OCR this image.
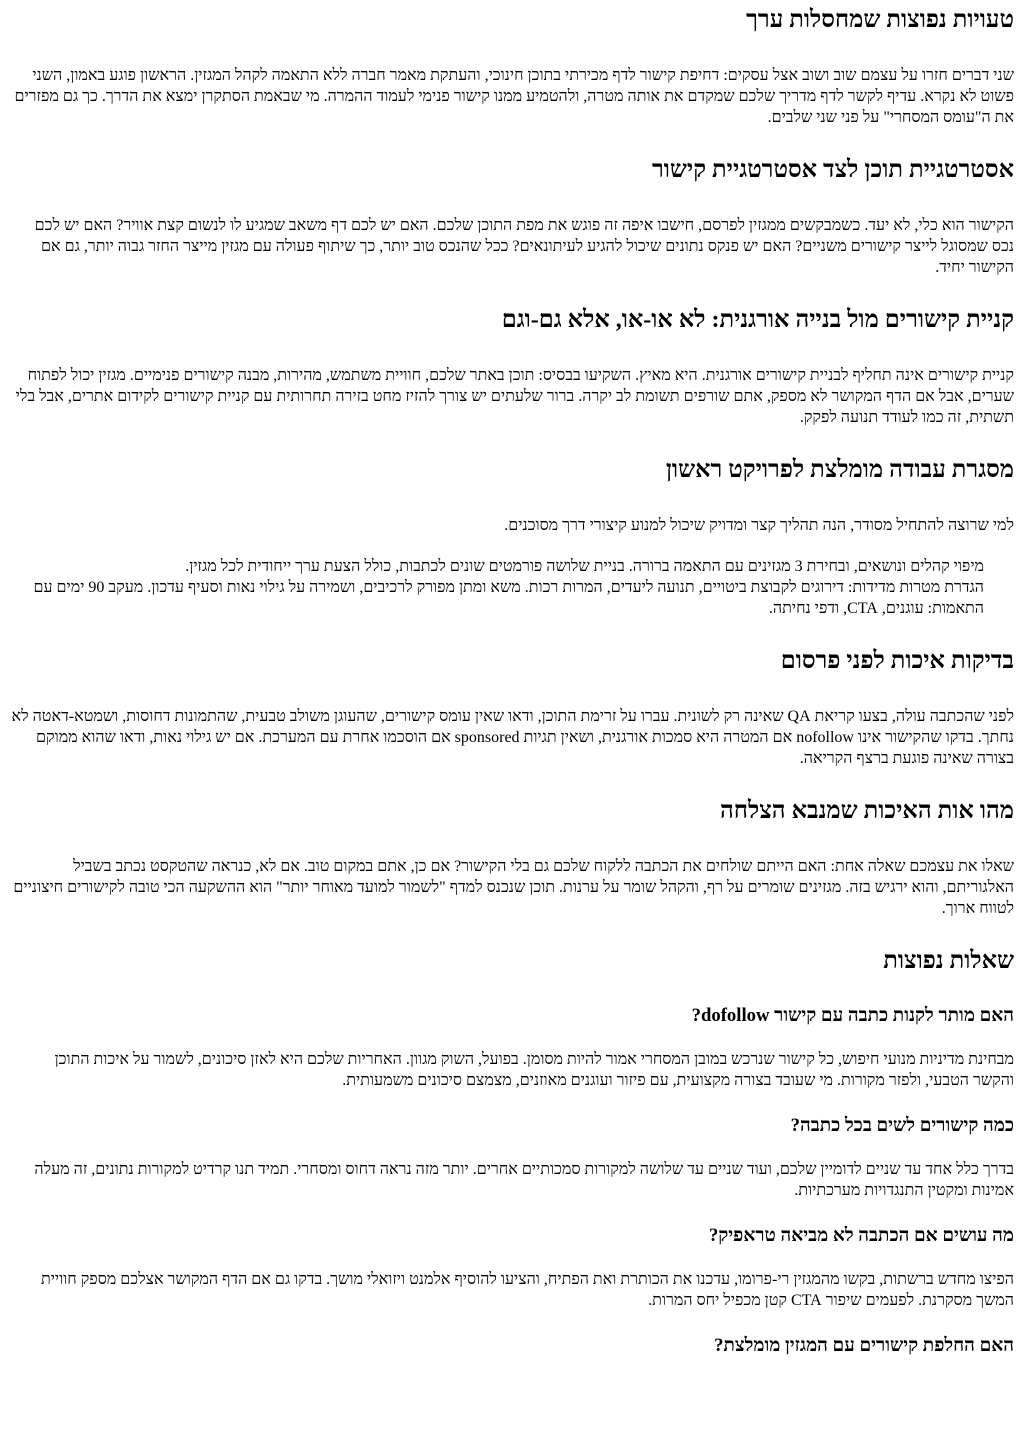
טעויות נפוצות שמחסלות ערך

שני דברים חזרו על עצמם שוב ושוב אצל עסקים: דחיפת קישור לדף מכירתי בתוכן חינוכי, והעתקת מאמר חברה ללא התאמה לקהל המגזין. הראשון פוגע באמון, השני פשוט לא נקרא. עדיף לקשר לדף מדריך שלכם שמקדם את אותה מטרה, ולהטמיע ממנו קישור פנימי לעמוד ההמרה. מי שבאמת הסתקרן ימצא את הדרך. כך גם מפזרים את ה"עומס המסחרי" על פני שני שלבים.

אסטרטגיית תוכן לצד אסטרטגיית קישור

הקישור הוא כלי, לא יעד. כשמבקשים ממגזין לפרסם, חישבו איפה זה פוגש את מפת התוכן שלכם. האם יש לכם דף משאב שמגיע לו לנשום קצת אוויר? האם יש לכם נכס שמסוגל לייצר קישורים משניים? האם יש פנקס נתונים שיכול להגיע לעיתונאים? ככל שהנכס טוב יותר, כך שיתוף פעולה עם מגזין מייצר החזר גבוה יותר, גם אם הקישור יחיד.

קניית קישורים מול בנייה אורגנית: לא או-או, אלא גם-וגם

קניית קישורים אינה תחליף לבניית קישורים אורגנית. היא מאיץ. השקיעו בבסיס: תוכן באתר שלכם, חוויית משתמש, מהירות, מבנה קישורים פנימיים. מגזין יכול לפתוח שערים, אבל אם הדף המקושר לא מספק, אתם שורפים תשומת לב יקרה. ברור שלעתים יש צורך להזיז מחט בזירה תחרותית עם קניית קישורים לקידום אתרים, אבל בלי תשתית, זה כמו לעודד תנועה לפקק.

מסגרת עבודה מומלצת לפרויקט ראשון

למי שרוצה להתחיל מסודר, הנה תהליך קצר ומדויק שיכול למנוע קיצורי דרך מסוכנים.

מיפוי קהלים ונושאים, ובחירת 3 מגזינים עם התאמה ברורה. בניית שלושה פורמטים שונים לכתבות, כולל הצעת ערך ייחודית לכל מגזין.
הגדרת מטרות מדידות: דירוגים לקבוצת ביטויים, תנועה ליעדים, המרות רכות. משא ומתן מפורק לרכיבים, ושמירה על גילוי נאות וסעיף עדכון. מעקב 90 ימים עם התאמות: עוגנים, CTA, ודפי נחיתה.
בדיקות איכות לפני פרסום

לפני שהכתבה עולה, בצעו קריאת QA שאינה רק לשונית. עברו על זרימת התוכן, ודאו שאין עומס קישורים, שהעוגן משולב טבעית, שהתמונות דחוסות, ושמטא-דאטה לא נחתך. בדקו שהקישור אינו nofollow אם המטרה היא סמכות אורגנית, ושאין תגיות sponsored אם הוסכמו אחרת עם המערכת. אם יש גילוי נאות, ודאו שהוא ממוקם בצורה שאינה פוגעת ברצף הקריאה.

מהו אות האיכות שמנבא הצלחה

שאלו את עצמכם שאלה אחת: האם הייתם שולחים את הכתבה ללקוח שלכם גם בלי הקישור? אם כן, אתם במקום טוב. אם לא, כנראה שהטקסט נכתב בשביל האלגוריתם, והוא ירגיש בזה. מגזינים שומרים על רף, והקהל שומר על ערנות. תוכן שנכנס למדף "לשמור למועד מאוחר יותר" הוא ההשקעה הכי טובה לקישורים חיצוניים לטווח ארוך.

שאלות נפוצות
האם מותר לקנות כתבה עם קישור dofollow?

מבחינת מדיניות מנועי חיפוש, כל קישור שנרכש במובן המסחרי אמור להיות מסומן. בפועל, השוק מגוון. האחריות שלכם היא לאזן סיכונים, לשמור על איכות התוכן והקשר הטבעי, ולפזר מקורות. מי שעובד בצורה מקצועית, עם פיזור ועוגנים מאוזנים, מצמצם סיכונים משמעותית.

כמה קישורים לשים בכל כתבה?

בדרך כלל אחד עד שניים לדומיין שלכם, ועוד שניים עד שלושה למקורות סמכותיים אחרים. יותר מזה נראה דחוס ומסחרי. תמיד תנו קרדיט למקורות נתונים, זה מעלה אמינות ומקטין התנגדויות מערכתיות.

מה עושים אם הכתבה לא מביאה טראפיק?

הפיצו מחדש ברשתות, בקשו מהמגזין רי-פרומו, עדכנו את הכותרת ואת הפתיח, והציעו להוסיף אלמנט ויזואלי מושך. בדקו גם אם הדף המקושר אצלכם מספק חוויית המשך מסקרנת. לפעמים שיפור CTA קטן מכפיל יחס המרות.

האם החלפת קישורים עם המגזין מומלצת?
